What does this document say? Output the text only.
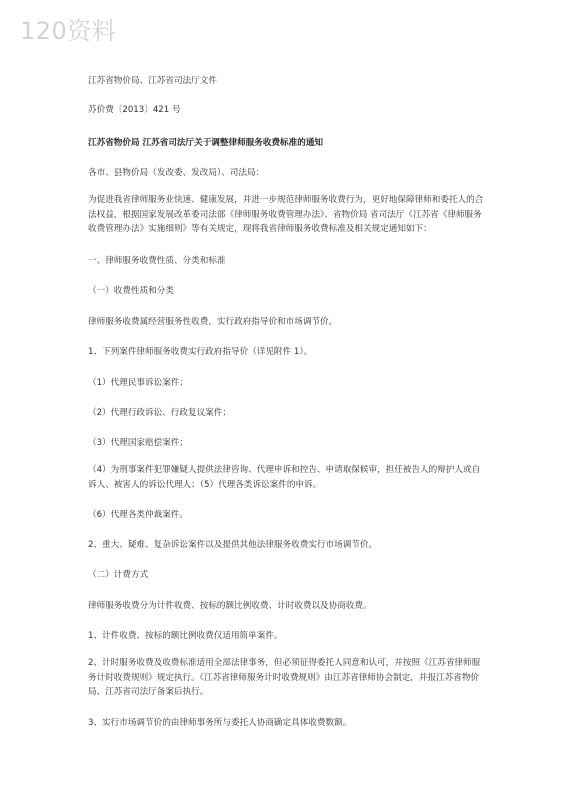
120资料

江苏省物价局、江苏省司法厅文件

苏价费〔2013〕421 号

江苏省物价局 江苏省司法厅关于调整律师服务收费标准的通知

各市、县物价局（发改委、发改局）、司法局：

为促进我省律师服务业快速、健康发展，并进一步规范律师服务收费行为，更好地保障律师和委托人的合法权益，根据国家发展改革委司法部《律师服务收费管理办法》、省物价局 省司法厅《江苏省《律师服务收费管理办法》实施细则》等有关规定，现将我省律师服务收费标准及相关规定通知如下：

一、律师服务收费性质、分类和标准

（一）收费性质和分类

律师服务收费属经营服务性收费，实行政府指导价和市场调节价。

1、下列案件律师服务收费实行政府指导价（详见附件 1）。

（1）代理民事诉讼案件；

（2）代理行政诉讼、行政复议案件；

（3）代理国家赔偿案件；

（4）为刑事案件犯罪嫌疑人提供法律咨询、代理申诉和控告、申请取保候审，担任被告人的辩护人或自诉人、被害人的诉讼代理人；（5）代理各类诉讼案件的申诉。

（6）代理各类仲裁案件。

2、重大、疑难、复杂诉讼案件以及提供其他法律服务收费实行市场调节价。

（二）计费方式

律师服务收费分为计件收费、按标的额比例收费、计时收费以及协商收费。

1、计件收费、按标的额比例收费仅适用简单案件。

2、计时服务收费及收费标准适用全部法律事务，但必须征得委托人同意和认可，并按照《江苏省律师服务计时收费规则》规定执行。《江苏省律师服务计时收费规则》由江苏省律师协会制定，并报江苏省物价局、江苏省司法厅备案后执行。

3、实行市场调节价的由律师事务所与委托人协商确定具体收费数额。
